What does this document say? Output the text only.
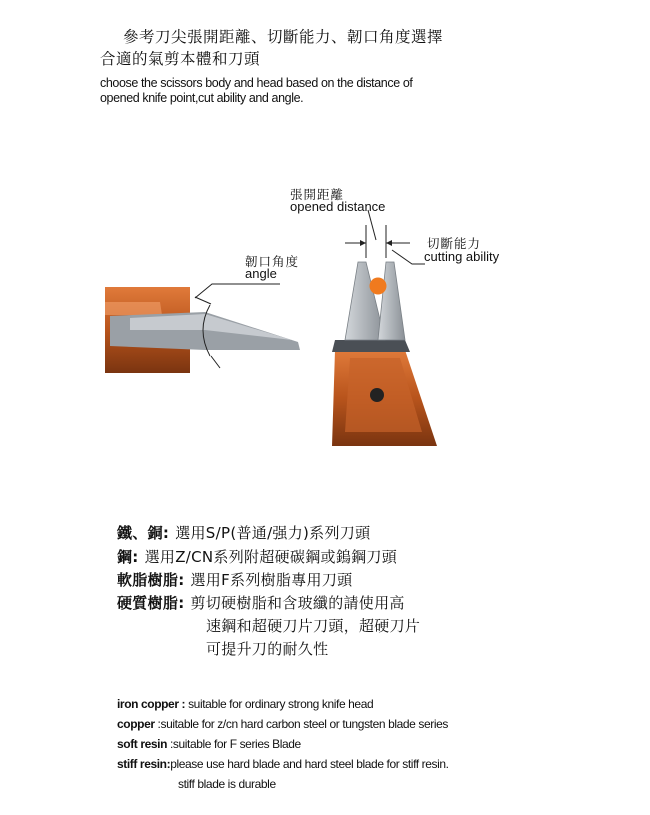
參考刀尖張開距離、切斷能力、韌口角度選擇
合適的氣剪本體和刀頭
choose the scissors body and head based on the distance of
opened knife point,cut ability and angle.
張開距離
opened distance
切斷能力
cutting ability
韌口角度
angle
鐵、銅: 選用S/P(普通/强力)系列刀頭
鋼: 選用Z/CN系列附超硬碳鋼或鎢鋼刀頭
軟脂樹脂: 選用F系列樹脂專用刀頭
硬質樹脂: 剪切硬樹脂和含玻纖的請使用高
速鋼和超硬刀片刀頭，超硬刀片
可提升刀的耐久性
iron copper : suitable for ordinary strong knife head
copper :suitable for z/cn hard carbon steel or tungsten blade series
soft resin :suitable for F series Blade
stiff resin:please use hard blade and hard steel blade for stiff resin.
stiff blade is durable
